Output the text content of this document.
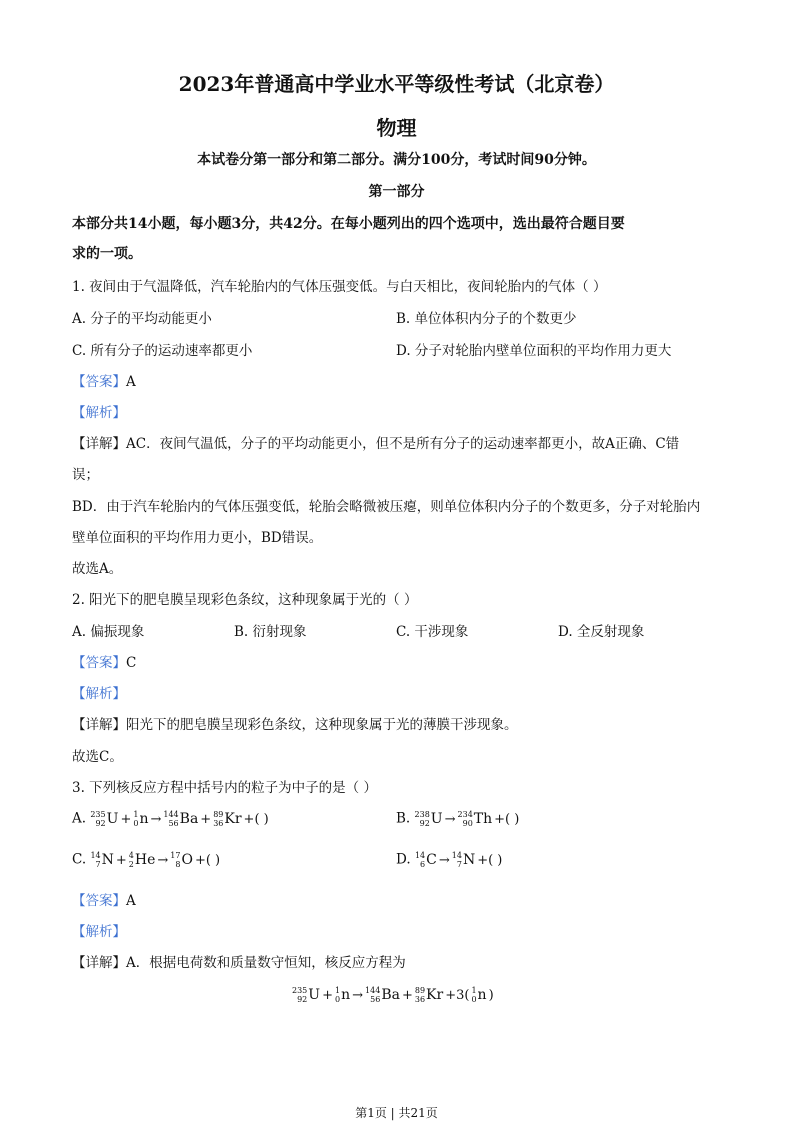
2023年普通高中学业水平等级性考试（北京卷）
物理
本试卷分第一部分和第二部分。满分100分，考试时间90分钟。
第一部分
本部分共14小题，每小题3分，共42分。在每小题列出的四个选项中，选出最符合题目要
求的一项。
1. 夜间由于气温降低，汽车轮胎内的气体压强变低。与白天相比，夜间轮胎内的气体（ ）
A. 分子的平均动能更小	B. 单位体积内分子的个数更少
C. 所有分子的运动速率都更小	D. 分子对轮胎内壁单位面积的平均作用力更大
【答案】A
【解析】
【详解】AC．夜间气温低，分子的平均动能更小，但不是所有分子的运动速率都更小，故A正确、C错
误；
BD．由于汽车轮胎内的气体压强变低，轮胎会略微被压瘪，则单位体积内分子的个数更多，分子对轮胎内
壁单位面积的平均作用力更小，BD错误。
故选A。
2. 阳光下的肥皂膜呈现彩色条纹，这种现象属于光的（ ）
A. 偏振现象	B. 衍射现象	C. 干涉现象	D. 全反射现象
【答案】C
【解析】
【详解】阳光下的肥皂膜呈现彩色条纹，这种现象属于光的薄膜干涉现象。
故选C。
3. 下列核反应方程中括号内的粒子为中子的是（ ）
A. 235
92 U + 1
0 n → 144
56 Ba + 89
36 Kr +( )	B. 238
92 U → 234
90 Th +( )
C. 14
7 N + 4
2 He → 17
8 O +( )	D. 14
6 C → 14
7 N +( )
【答案】A
【解析】
【详解】A．根据电荷数和质量数守恒知，核反应方程为
235
92 U + 1
0 n → 144
56 Ba + 89
36 Kr +3( 1
0 n )
第1页 | 共21页
